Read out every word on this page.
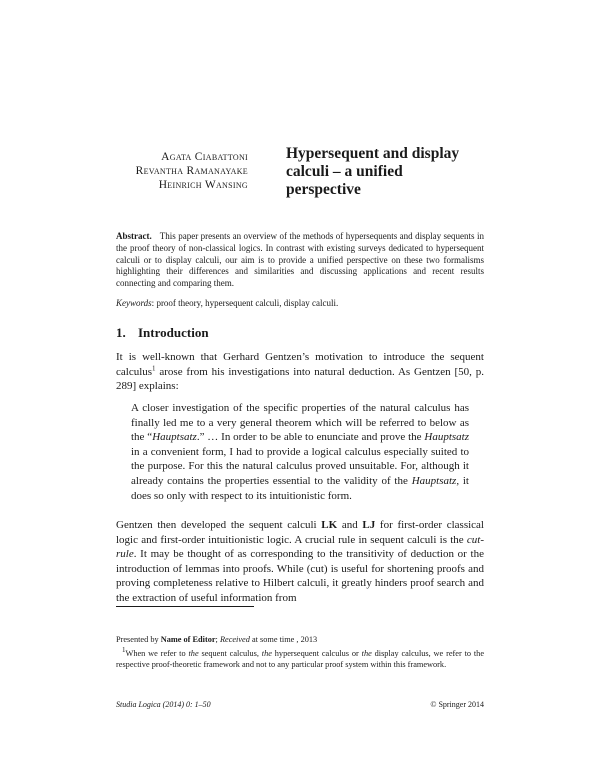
Agata Ciabattoni
Revantha Ramanayake
Heinrich Wansing
Hypersequent and display calculi – a unified perspective
Abstract. This paper presents an overview of the methods of hypersequents and display sequents in the proof theory of non-classical logics. In contrast with existing surveys dedicated to hypersequent calculi or to display calculi, our aim is to provide a unified perspective on these two formalisms highlighting their differences and similarities and discussing applications and recent results connecting and comparing them.
Keywords: proof theory, hypersequent calculi, display calculi.
1. Introduction
It is well-known that Gerhard Gentzen’s motivation to introduce the sequent calculus$^1$ arose from his investigations into natural deduction. As Gentzen [50, p. 289] explains:
A closer investigation of the specific properties of the natural calculus has finally led me to a very general theorem which will be referred to below as the “Hauptsatz.” … In order to be able to enunciate and prove the Hauptsatz in a convenient form, I had to provide a logical calculus especially suited to the purpose. For this the natural calculus proved unsuitable. For, although it already contains the properties essential to the validity of the Hauptsatz, it does so only with respect to its intuitionistic form.
Gentzen then developed the sequent calculi LK and LJ for first-order classical logic and first-order intuitionistic logic. A crucial rule in sequent calculi is the cut-rule. It may be thought of as corresponding to the transitivity of deduction or the introduction of lemmas into proofs. While (cut) is useful for shortening proofs and proving completeness relative to Hilbert calculi, it greatly hinders proof search and the extraction of useful information from
Presented by Name of Editor; Received at some time , 2013
$^1$When we refer to the sequent calculus, the hypersequent calculus or the display calculus, we refer to the respective proof-theoretic framework and not to any particular proof system within this framework.
Studia Logica (2014) 0: 1–50	© Springer 2014
